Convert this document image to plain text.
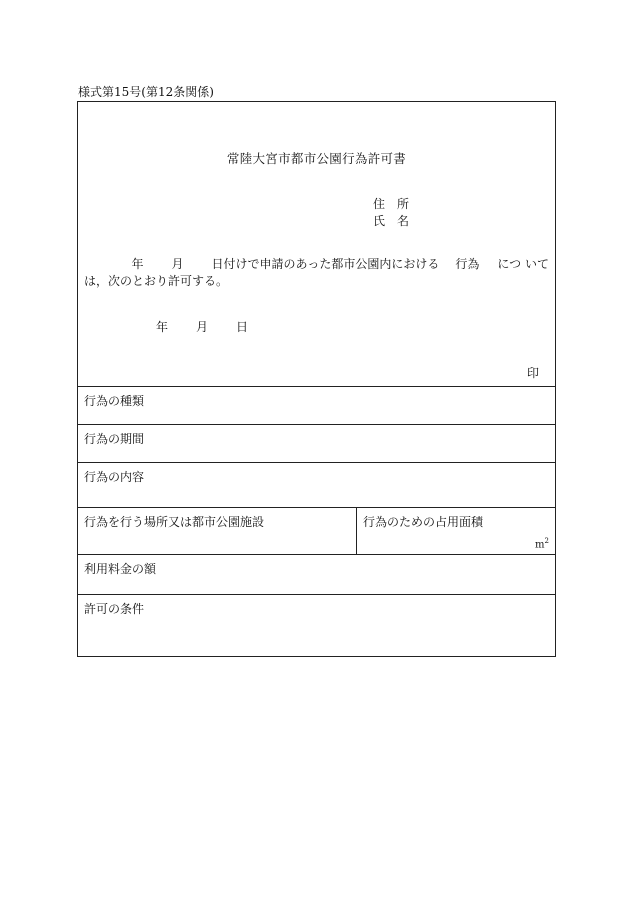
様式第15号(第12条関係)
常陸大宮市都市公園行為許可書
住　所
氏　名
年 月 日付けで申請のあった都市公園内における 行為 につ いて
は，次のとおり許可する。
年 月 日
印
行為の種類
行為の期間
行為の内容
行為を行う場所又は都市公園施設	行為のための占用面積
$m^2$
利用料金の額
許可の条件
